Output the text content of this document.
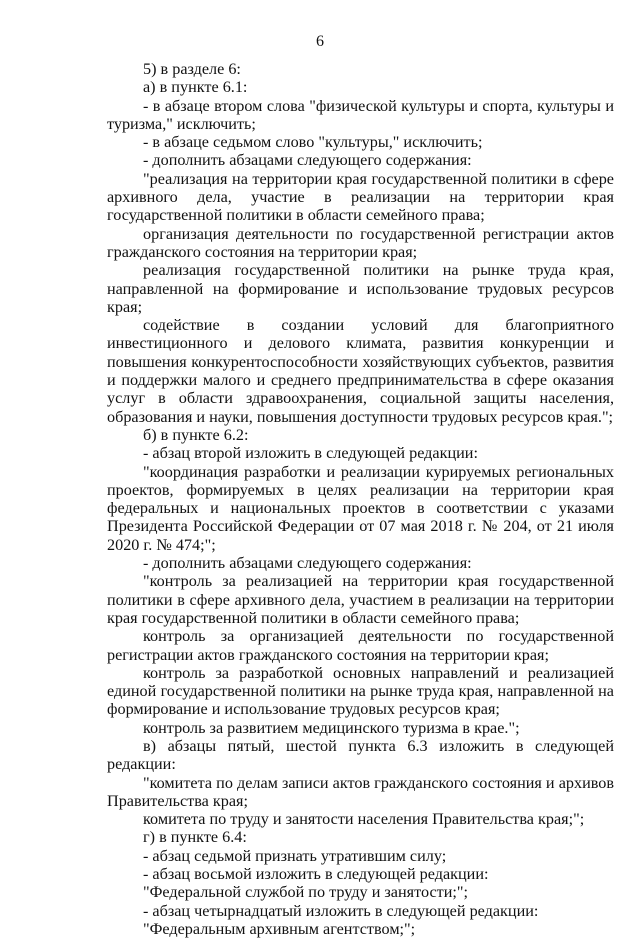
6

5) в разделе 6:

а) в пункте 6.1:

- в абзаце втором слова "физической культуры и спорта, культуры и туризма," исключить;

- в абзаце седьмом слово "культуры," исключить;

- дополнить абзацами следующего содержания:

"реализация на территории края государственной политики в сфере архивного дела, участие в реализации на территории края государственной политики в области семейного права;

организация деятельности по государственной регистрации актов гражданского состояния на территории края;

реализация государственной политики на рынке труда края, направленной на формирование и использование трудовых ресурсов края;

содействие в создании условий для благоприятного инвестиционного и делового климата, развития конкуренции и повышения конкурентоспособности хозяйствующих субъектов, развития и поддержки малого и среднего предпринимательства в сфере оказания услуг в области здравоохранения, социальной защиты населения, образования и науки, повышения доступности трудовых ресурсов края.";

б) в пункте 6.2:

- абзац второй изложить в следующей редакции:

"координация разработки и реализации курируемых региональных проектов, формируемых в целях реализации на территории края федеральных и национальных проектов в соответствии с указами Президента Российской Федерации от 07 мая 2018 г. № 204, от 21 июля 2020 г. № 474;";

- дополнить абзацами следующего содержания:

"контроль за реализацией на территории края государственной политики в сфере архивного дела, участием в реализации на территории края государственной политики в области семейного права;

контроль за организацией деятельности по государственной регистрации актов гражданского состояния на территории края;

контроль за разработкой основных направлений и реализацией единой государственной политики на рынке труда края, направленной на формирование и использование трудовых ресурсов края;

контроль за развитием медицинского туризма в крае.";

в) абзацы пятый, шестой пункта 6.3 изложить в следующей редакции:

"комитета по делам записи актов гражданского состояния и архивов Правительства края;

комитета по труду и занятости населения Правительства края;";

г) в пункте 6.4:

- абзац седьмой признать утратившим силу;

- абзац восьмой изложить в следующей редакции:

"Федеральной службой по труду и занятости;";

- абзац четырнадцатый изложить в следующей редакции:

"Федеральным архивным агентством;";
